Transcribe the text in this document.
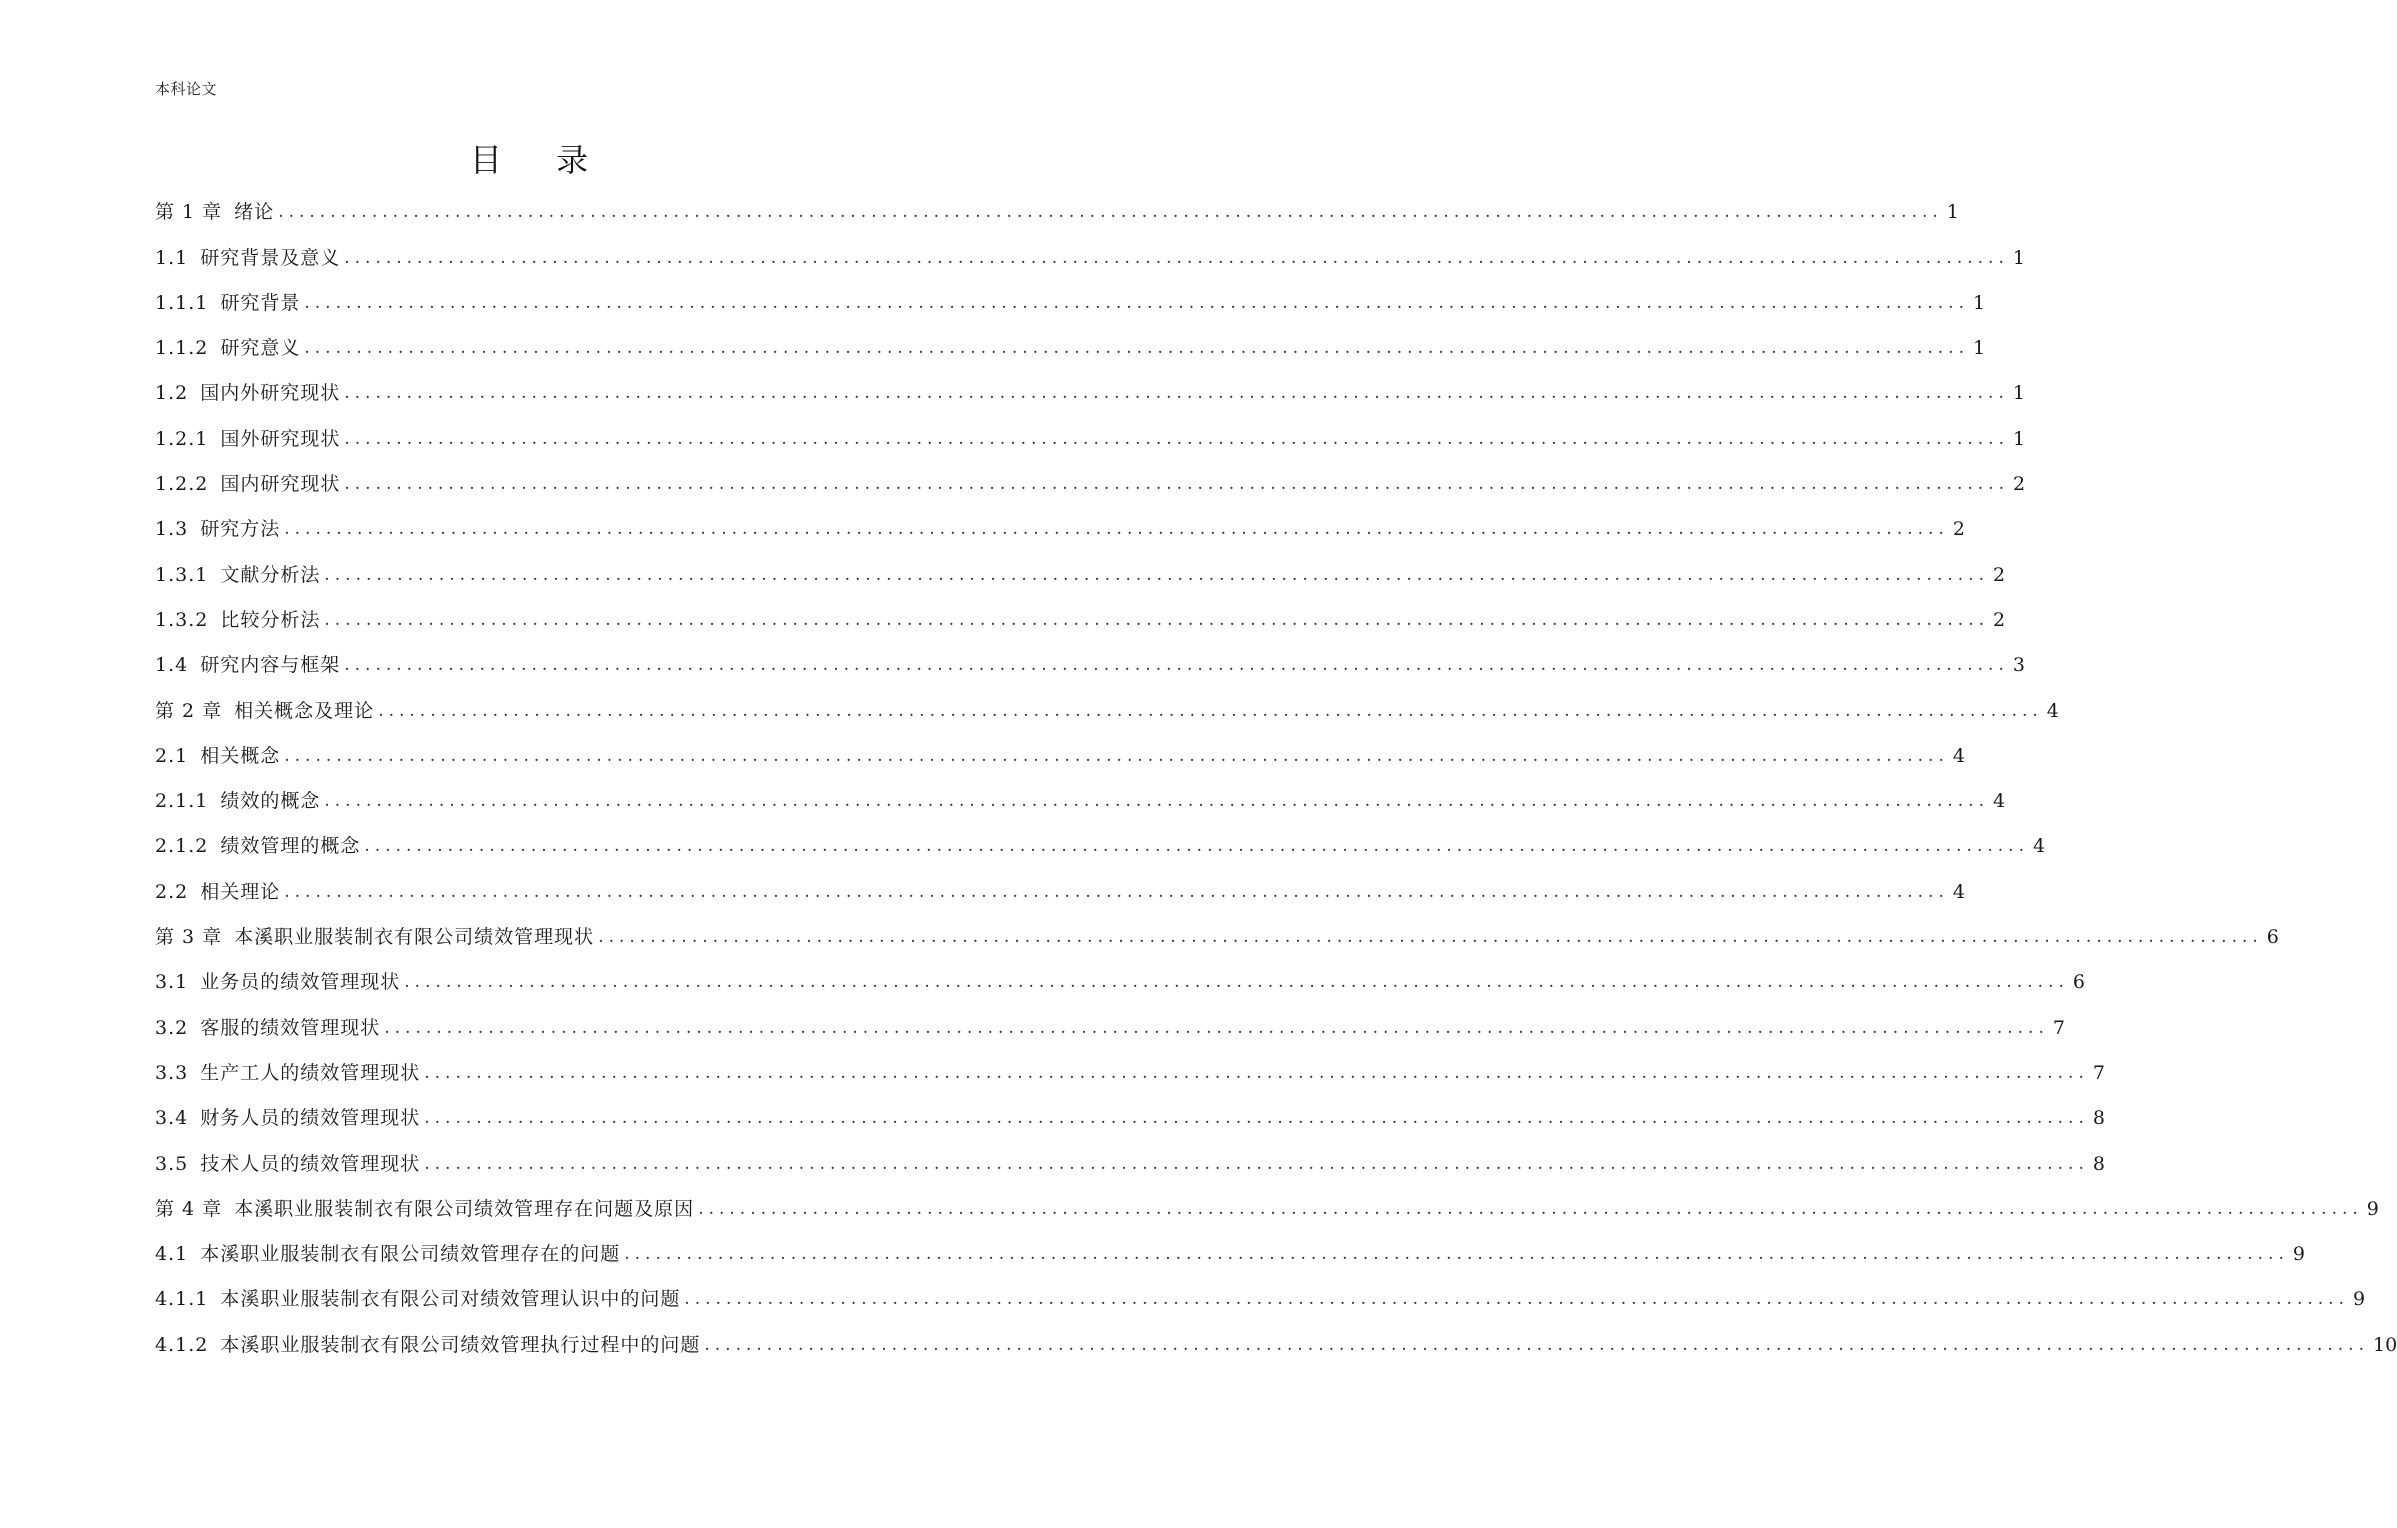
本科论文
目 录
第 1 章 绪论 ................................................................................................................................................................ 1
1.1 研究背景及意义 ................................................................................................................................................................ 1
1.1.1 研究背景 ................................................................................................................................................................ 1
1.1.2 研究意义 ................................................................................................................................................................ 1
1.2 国内外研究现状 ................................................................................................................................................................ 1
1.2.1 国外研究现状 ................................................................................................................................................................ 1
1.2.2 国内研究现状 ................................................................................................................................................................ 2
1.3 研究方法 ................................................................................................................................................................ 2
1.3.1 文献分析法 ................................................................................................................................................................ 2
1.3.2 比较分析法 ................................................................................................................................................................ 2
1.4 研究内容与框架 ................................................................................................................................................................ 3
第 2 章 相关概念及理论 ................................................................................................................................................................ 4
2.1 相关概念 ................................................................................................................................................................ 4
2.1.1 绩效的概念 ................................................................................................................................................................ 4
2.1.2 绩效管理的概念 ................................................................................................................................................................ 4
2.2 相关理论 ................................................................................................................................................................ 4
第 3 章 本溪职业服装制衣有限公司绩效管理现状 ................................................................................................................................................................ 6
3.1 业务员的绩效管理现状 ................................................................................................................................................................ 6
3.2 客服的绩效管理现状 ................................................................................................................................................................ 7
3.3 生产工人的绩效管理现状 ................................................................................................................................................................ 7
3.4 财务人员的绩效管理现状 ................................................................................................................................................................ 8
3.5 技术人员的绩效管理现状 ................................................................................................................................................................ 8
第 4 章 本溪职业服装制衣有限公司绩效管理存在问题及原因 ................................................................................................................................................................ 9
4.1 本溪职业服装制衣有限公司绩效管理存在的问题 ................................................................................................................................................................ 9
4.1.1 本溪职业服装制衣有限公司对绩效管理认识中的问题 ................................................................................................................................................................ 9
4.1.2 本溪职业服装制衣有限公司绩效管理执行过程中的问题 ................................................................................................................................................................ 10
